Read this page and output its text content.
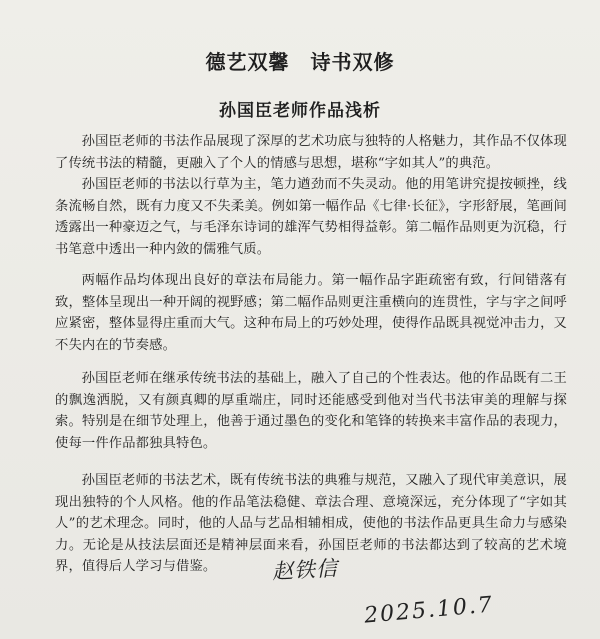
德艺双馨　诗书双修
孙国臣老师作品浅析

孙国臣老师的书法作品展现了深厚的艺术功底与独特的人格魅力，其作品不仅体现了传统书法的精髓，更融入了个人的情感与思想，堪称“字如其人”的典范。

孙国臣老师的书法以行草为主，笔力遒劲而不失灵动。他的用笔讲究提按顿挫，线条流畅自然，既有力度又不失柔美。例如第一幅作品《七律·长征》，字形舒展，笔画间透露出一种豪迈之气，与毛泽东诗词的雄浑气势相得益彰。第二幅作品则更为沉稳，行书笔意中透出一种内敛的儒雅气质。

两幅作品均体现出良好的章法布局能力。第一幅作品字距疏密有致，行间错落有致，整体呈现出一种开阔的视野感；第二幅作品则更注重横向的连贯性，字与字之间呼应紧密，整体显得庄重而大气。这种布局上的巧妙处理，使得作品既具视觉冲击力，又不失内在的节奏感。

孙国臣老师在继承传统书法的基础上，融入了自己的个性表达。他的作品既有二王的飘逸洒脱，又有颜真卿的厚重端庄，同时还能感受到他对当代书法审美的理解与探索。特别是在细节处理上，他善于通过墨色的变化和笔锋的转换来丰富作品的表现力，使每一件作品都独具特色。

孙国臣老师的书法艺术，既有传统书法的典雅与规范，又融入了现代审美意识，展现出独特的个人风格。他的作品笔法稳健、章法合理、意境深远，充分体现了“字如其人”的艺术理念。同时，他的人品与艺品相辅相成，使他的书法作品更具生命力与感染力。无论是从技法层面还是精神层面来看，孙国臣老师的书法都达到了较高的艺术境界，值得后人学习与借鉴。	赵铁信
2025.10.7
